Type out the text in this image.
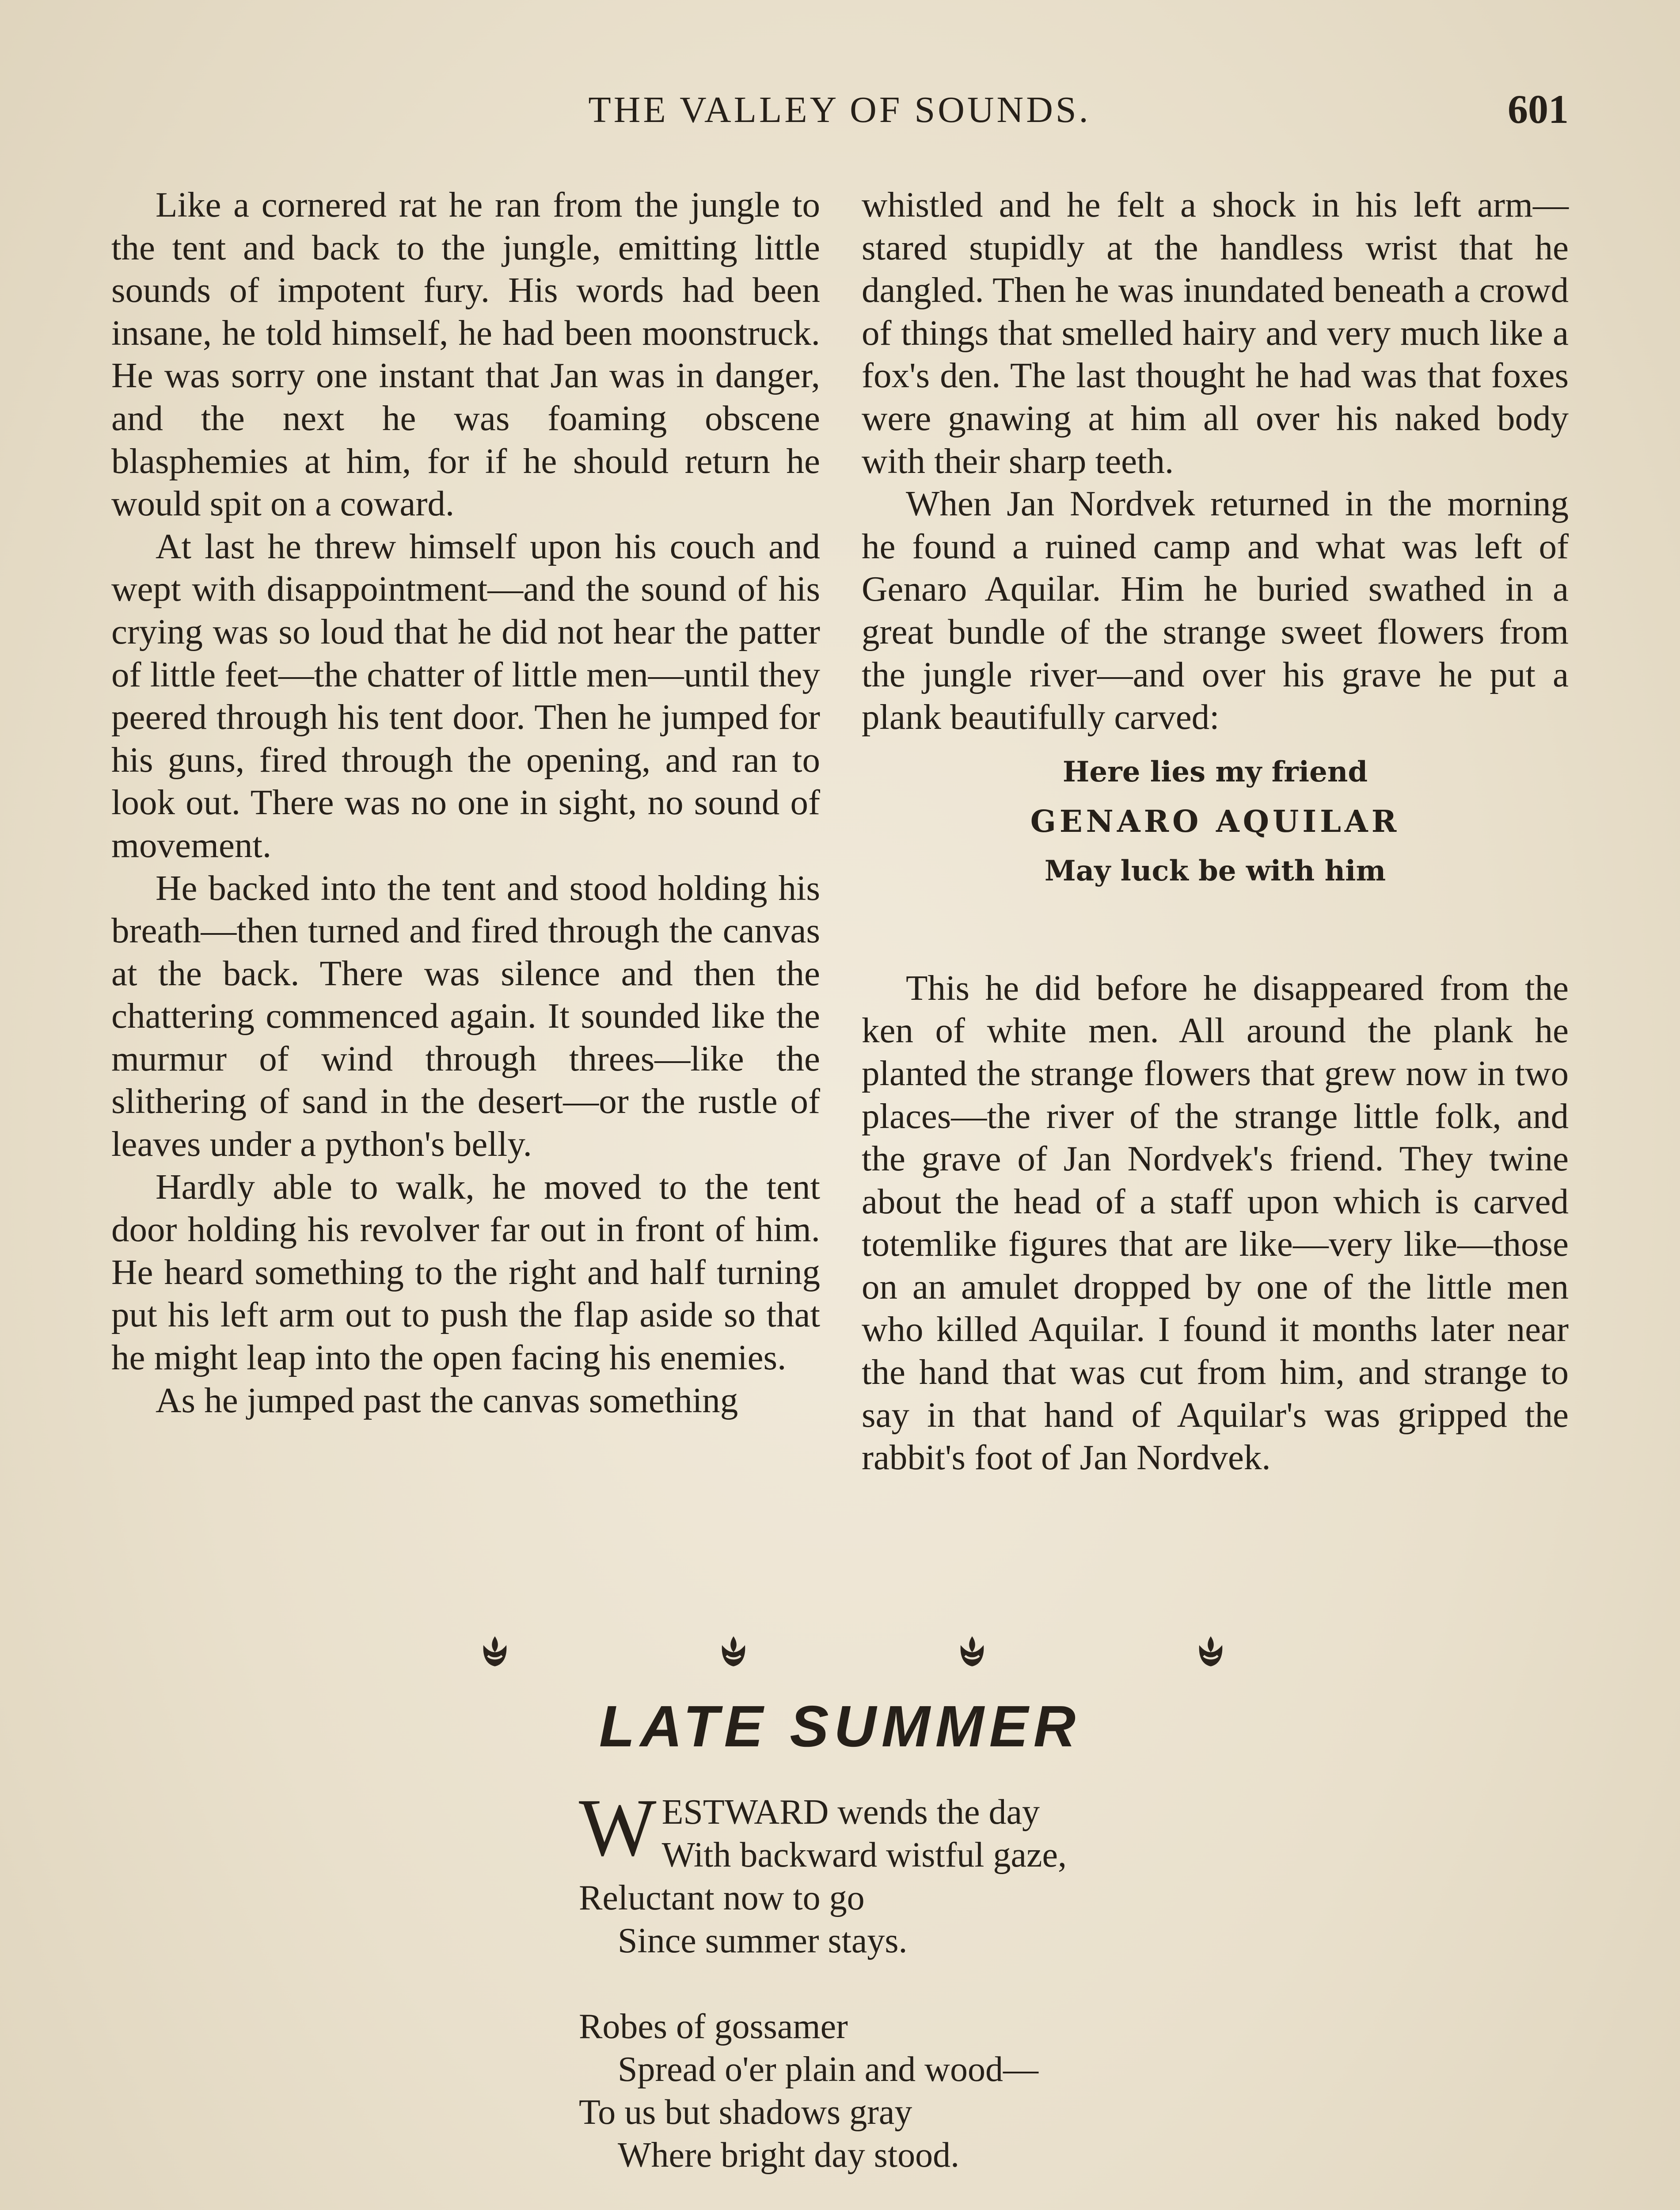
THE VALLEY OF SOUNDS.	601

Like a cornered rat he ran from the jungle to the tent and back to the jungle, emitting little sounds of impotent fury. His words had been insane, he told himself, he had been moonstruck. He was sorry one instant that Jan was in danger, and the next he was foaming obscene blasphemies at him, for if he should return he would spit on a coward.

At last he threw himself upon his couch and wept with disappointment—and the sound of his crying was so loud that he did not hear the patter of little feet—the chatter of little men—until they peered through his tent door. Then he jumped for his guns, fired through the opening, and ran to look out. There was no one in sight, no sound of movement.

He backed into the tent and stood holding his breath—then turned and fired through the canvas at the back. There was silence and then the chattering commenced again. It sounded like the murmur of wind through threes—like the slithering of sand in the desert—or the rustle of leaves under a python's belly.

Hardly able to walk, he moved to the tent door holding his revolver far out in front of him. He heard something to the right and half turning put his left arm out to push the flap aside so that he might leap into the open facing his enemies.

As he jumped past the canvas something

whistled and he felt a shock in his left arm—stared stupidly at the handless wrist that he dangled. Then he was inundated beneath a crowd of things that smelled hairy and very much like a fox's den. The last thought he had was that foxes were gnawing at him all over his naked body with their sharp teeth.

When Jan Nordvek returned in the morning he found a ruined camp and what was left of Genaro Aquilar. Him he buried swathed in a great bundle of the strange sweet flowers from the jungle river—and over his grave he put a plank beautifully carved:

Here lies my friend
GENARO AQUILAR
May luck be with him

This he did before he disappeared from the ken of white men. All around the plank he planted the strange flowers that grew now in two places—the river of the strange little folk, and the grave of Jan Nordvek's friend. They twine about the head of a staff upon which is carved totemlike figures that are like—very like—those on an amulet dropped by one of the little men who killed Aquilar. I found it months later near the hand that was cut from him, and strange to say in that hand of Aquilar's was gripped the rabbit's foot of Jan Nordvek.

LATE SUMMER
W ESTWARD wends the day
With backward wistful gaze,
Reluctant now to go
Since summer stays.
Robes of gossamer
Spread o'er plain and wood—
To us but shadows gray
Where bright day stood.
